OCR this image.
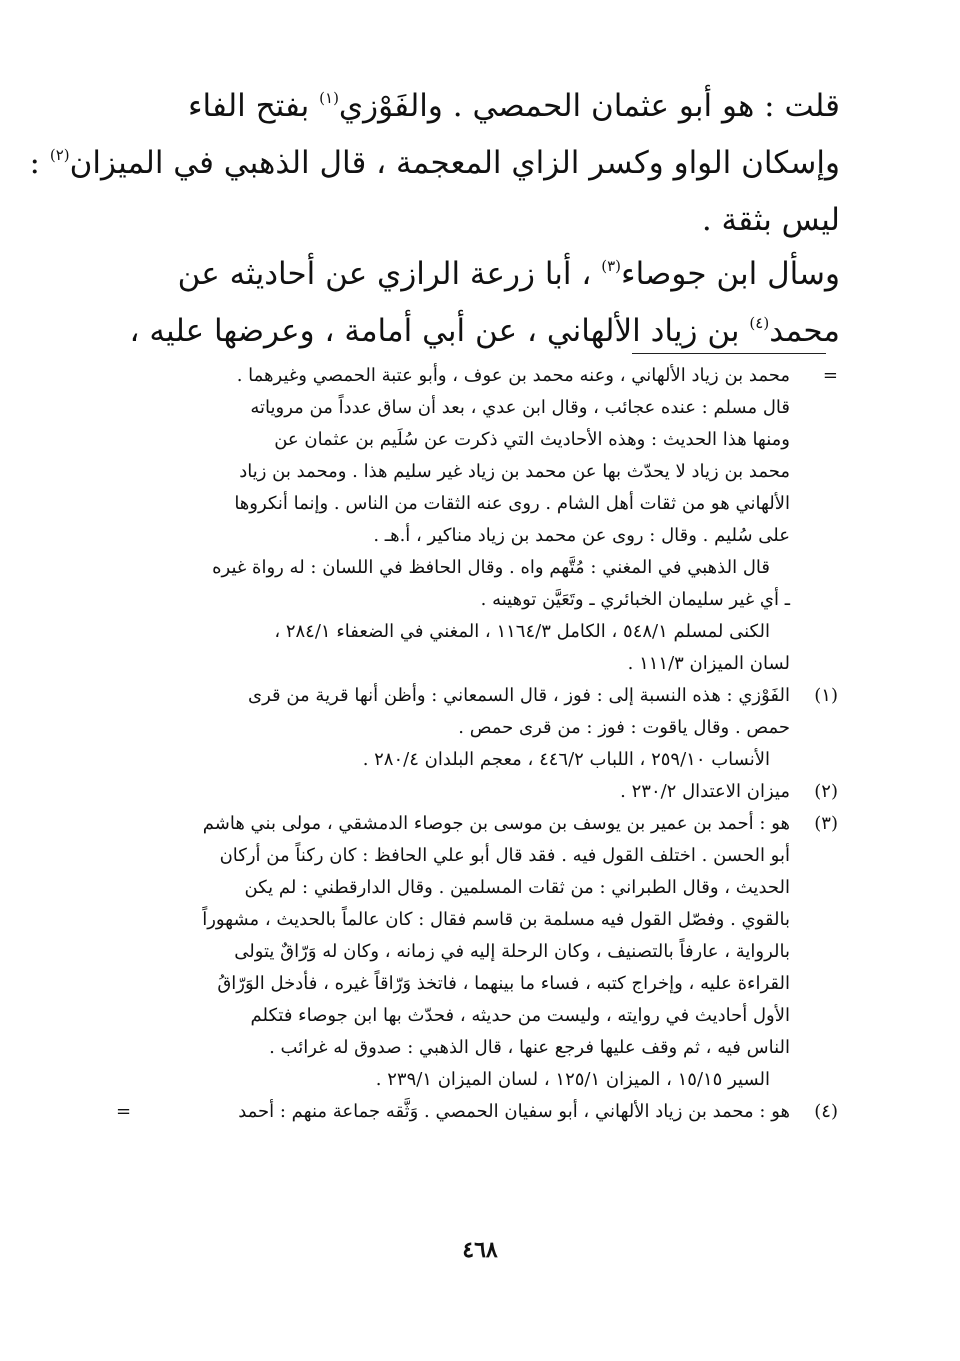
قلت : هو أبو عثمان الحمصي . والفَوْزي$^{(١)}$ بفتح الفاء
وإسكان الواو وكسر الزاي المعجمة ، قال الذهبي في الميزان$^{(٢)}$ :
ليس بثقة .
وسأل ابن جوصاء$^{(٣)}$ ، أبا زرعة الرازي عن أحاديثه عن
محمد$^{(٤)}$ بن زياد الألهاني ، عن أبي أمامة ، وعرضها عليه ،
=
محمد بن زياد الألهاني ، وعنه محمد بن عوف ، وأبو عتبة الحمصي وغيرهما .
قال مسلم : عنده عجائب ، وقال ابن عدي ، بعد أن ساق عدداً من مروياته
ومنها هذا الحديث : وهذه الأحاديث التي ذكرت عن سُلَيم بن عثمان عن
محمد بن زياد لا يحدّث بها عن محمد بن زياد غير سليم هذا . ومحمد بن زياد
الألهاني هو من ثقات أهل الشام . روى عنه الثقات من الناس . وإنما أنكروها
على سُليم . وقال : روى عن محمد بن زياد مناكير ، أ.هـ .
قال الذهبي في المغني : مُتَّهم واه . وقال الحافظ في اللسان : له رواة غيره
ـ أي غير سليمان الخبائري ـ وتَعَيَّن توهينه .
الكنى لمسلم ٥٤٨/١ ، الكامل ١١٦٤/٣ ، المغني في الضعفاء ٢٨٤/١ ،
لسان الميزان ١١١/٣ .
(١)
الفَوْزي : هذه النسبة إلى : فوز ، قال السمعاني : وأظن أنها قرية من قرى
حمص . وقال ياقوت : فوز : من قرى حمص .
الأنساب ٢٥٩/١٠ ، اللباب ٤٤٦/٢ ، معجم البلدان ٢٨٠/٤ .
(٢)
ميزان الاعتدال ٢٣٠/٢ .
(٣)
هو : أحمد بن عمير بن يوسف بن موسى بن جوصاء الدمشقي ، مولى بني هاشم
أبو الحسن . اختلف القول فيه . فقد قال أبو علي الحافظ : كان ركناً من أركان
الحديث ، وقال الطبراني : من ثقات المسلمين . وقال الدارقطني : لم يكن
بالقوي . وفصّل القول فيه مسلمة بن قاسم فقال : كان عالماً بالحديث ، مشهوراً
بالرواية ، عارفاً بالتصنيف ، وكان الرحلة إليه في زمانه ، وكان له وَرّاقٌ يتولى
القراءة عليه ، وإخراج كتبه ، فساء ما بينهما ، فاتخذ وَرّاقاً غيره ، فأدخل الوَرّاقُ
الأول أحاديث في روايته ، وليست من حديثه ، فحدّث بها ابن جوصاء فتكلم
الناس فيه ، ثم وقف عليها فرجع عنها ، قال الذهبي : صدوق له غرائب .
السير ١٥/١٥ ، الميزان ١٢٥/١ ، لسان الميزان ٢٣٩/١ .
(٤)
هو : محمد بن زياد الألهاني ، أبو سفيان الحمصي . وَثَّقه جماعة منهم : أحمد
=
٤٦٨
